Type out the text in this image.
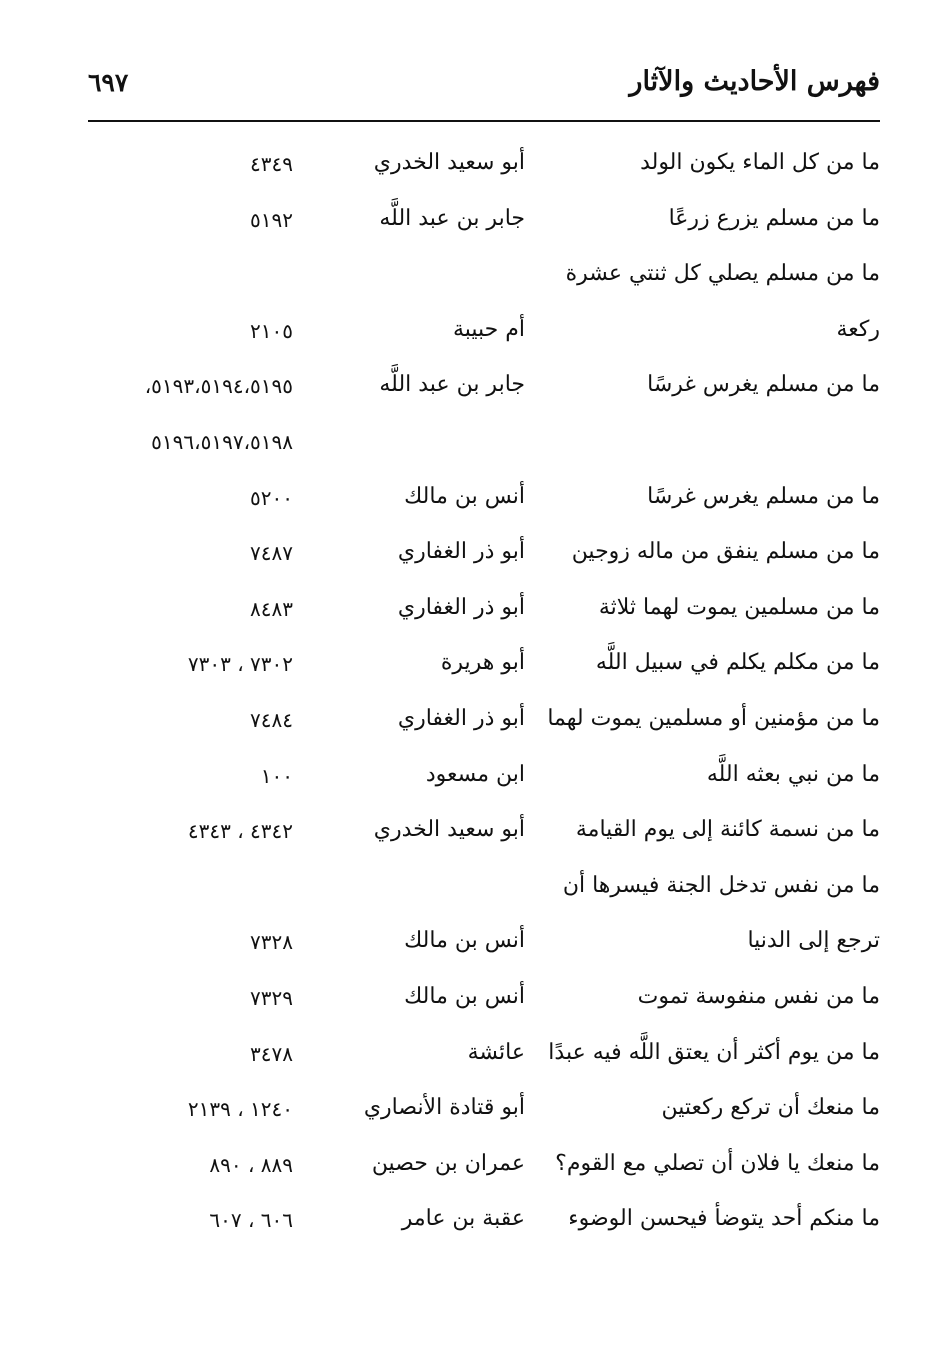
فهرس الأحاديث والآثار
٦٩٧
ما من كل الماء يكون الولد
أبو سعيد الخدري
٤٣٤٩
ما من مسلم يزرع زرعًا
جابر بن عبد اللَّه
٥١٩٢
ما من مسلم يصلي كل ثنتي عشرة
ركعة
أم حبيبة
٢١٠٥
ما من مسلم يغرس غرسًا
جابر بن عبد اللَّه
٥١٩٣،٥١٩٤،٥١٩٥،
٥١٩٦،٥١٩٧،٥١٩٨
ما من مسلم يغرس غرسًا
أنس بن مالك
٥٢٠٠
ما من مسلم ينفق من ماله زوجين
أبو ذر الغفاري
٧٤٨٧
ما من مسلمين يموت لهما ثلاثة
أبو ذر الغفاري
٨٤٨٣
ما من مكلم يكلم في سبيل اللَّه
أبو هريرة
٧٣٠٢ ، ٧٣٠٣
ما من مؤمنين أو مسلمين يموت لهما
أبو ذر الغفاري
٧٤٨٤
ما من نبي بعثه اللَّه
ابن مسعود
١٠٠
ما من نسمة كائنة إلى يوم القيامة
أبو سعيد الخدري
٤٣٤٢ ، ٤٣٤٣
ما من نفس تدخل الجنة فيسرها أن
ترجع إلى الدنيا
أنس بن مالك
٧٣٢٨
ما من نفس منفوسة تموت
أنس بن مالك
٧٣٢٩
ما من يوم أكثر أن يعتق اللَّه فيه عبدًا
عائشة
٣٤٧٨
ما منعك أن تركع ركعتين
أبو قتادة الأنصاري
١٢٤٠ ، ٢١٣٩
ما منعك يا فلان أن تصلي مع القوم؟
عمران بن حصين
٨٨٩ ، ٨٩٠
ما منكم أحد يتوضأ فيحسن الوضوء
عقبة بن عامر
٦٠٦ ، ٦٠٧
